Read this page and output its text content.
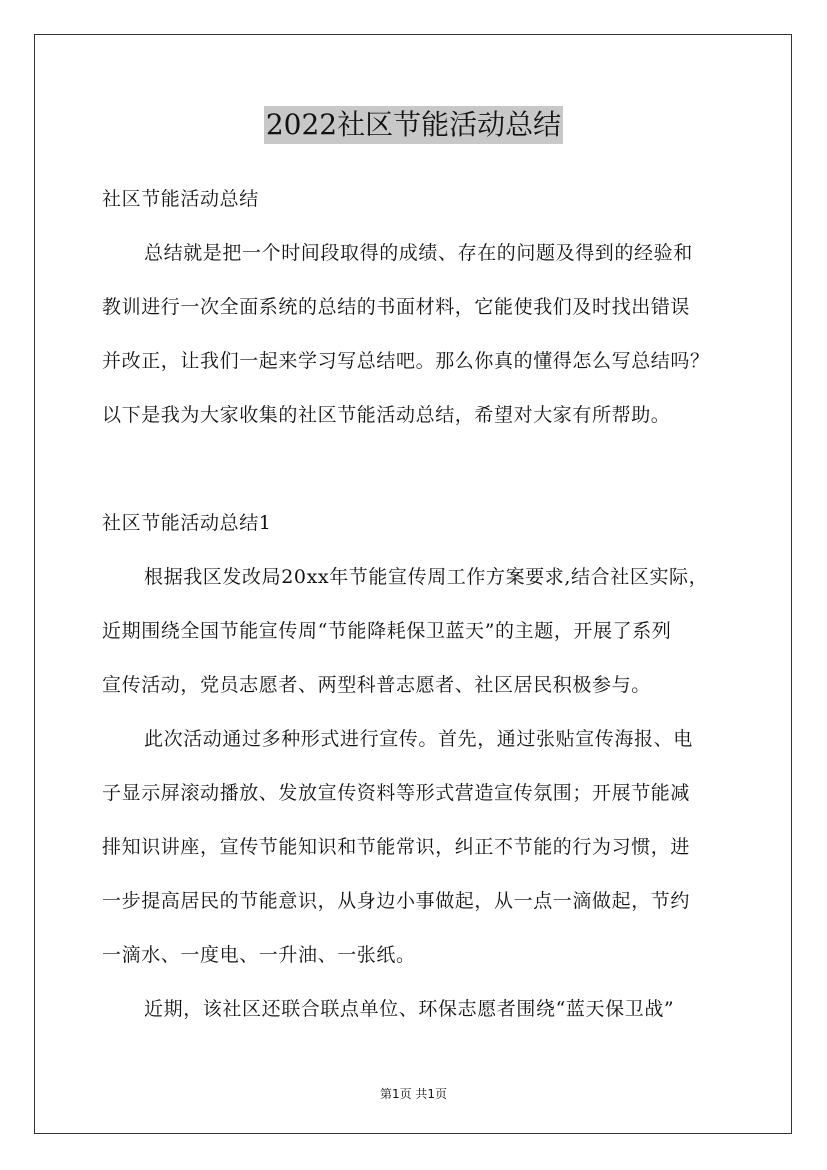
2022社区节能活动总结
社区节能活动总结
总结就是把一个时间段取得的成绩、存在的问题及得到的经验和
教训进行一次全面系统的总结的书面材料，它能使我们及时找出错误
并改正，让我们一起来学习写总结吧。那么你真的懂得怎么写总结吗？
以下是我为大家收集的社区节能活动总结，希望对大家有所帮助。
社区节能活动总结1
根据我区发改局20xx年节能宣传周工作方案要求,结合社区实际，
近期围绕全国节能宣传周“节能降耗保卫蓝天”的主题，开展了系列
宣传活动，党员志愿者、两型科普志愿者、社区居民积极参与。
此次活动通过多种形式进行宣传。首先，通过张贴宣传海报、电
子显示屏滚动播放、发放宣传资料等形式营造宣传氛围；开展节能减
排知识讲座，宣传节能知识和节能常识，纠正不节能的行为习惯，进
一步提高居民的节能意识，从身边小事做起，从一点一滴做起，节约
一滴水、一度电、一升油、一张纸。
近期，该社区还联合联点单位、环保志愿者围绕“蓝天保卫战”
第1页 共1页
